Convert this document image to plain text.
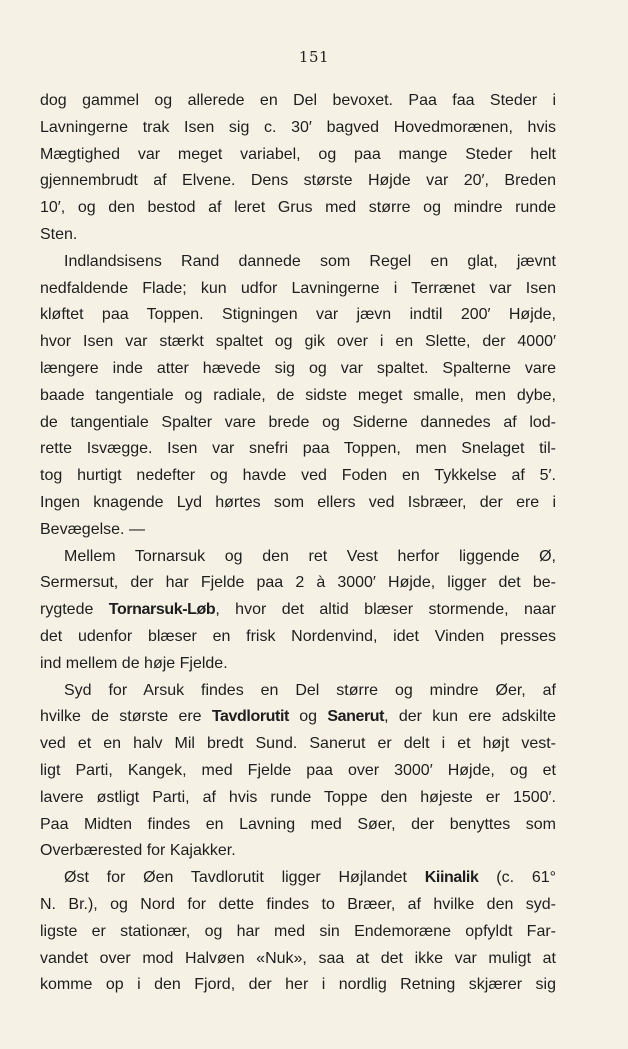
151
dog gammel og allerede en Del bevoxet. Paa faa Steder i
Lavningerne trak Isen sig c. 30′ bagved Hovedmorænen, hvis
Mægtighed var meget variabel, og paa mange Steder helt
gjennembrudt af Elvene. Dens største Højde var 20′, Breden
10′, og den bestod af leret Grus med større og mindre runde
Sten.
Indlandsisens Rand dannede som Regel en glat, jævnt
nedfaldende Flade; kun udfor Lavningerne i Terrænet var Isen
kløftet paa Toppen. Stigningen var jævn indtil 200′ Højde,
hvor Isen var stærkt spaltet og gik over i en Slette, der 4000′
længere inde atter hævede sig og var spaltet. Spalterne vare
baade tangentiale og radiale, de sidste meget smalle, men dybe,
de tangentiale Spalter vare brede og Siderne dannedes af lod-
rette Isvægge. Isen var snefri paa Toppen, men Snelaget til-
tog hurtigt nedefter og havde ved Foden en Tykkelse af 5′.
Ingen knagende Lyd hørtes som ellers ved Isbræer, der ere i
Bevægelse. —
Mellem Tornarsuk og den ret Vest herfor liggende Ø,
Sermersut, der har Fjelde paa 2 à 3000′ Højde, ligger det be-
rygtede Tornarsuk-Løb, hvor det altid blæser stormende, naar
det udenfor blæser en frisk Nordenvind, idet Vinden presses
ind mellem de høje Fjelde.
Syd for Arsuk findes en Del større og mindre Øer, af
hvilke de største ere Tavdlorutit og Sanerut, der kun ere adskilte
ved et en halv Mil bredt Sund. Sanerut er delt i et højt vest-
ligt Parti, Kangek, med Fjelde paa over 3000′ Højde, og et
lavere østligt Parti, af hvis runde Toppe den højeste er 1500′.
Paa Midten findes en Lavning med Søer, der benyttes som
Overbærested for Kajakker.
Øst for Øen Tavdlorutit ligger Højlandet Kiinalik (c. 61°
N. Br.), og Nord for dette findes to Bræer, af hvilke den syd-
ligste er stationær, og har med sin Endemoræne opfyldt Far-
vandet over mod Halvøen «Nuk», saa at det ikke var muligt at
komme op i den Fjord, der her i nordlig Retning skjærer sig
